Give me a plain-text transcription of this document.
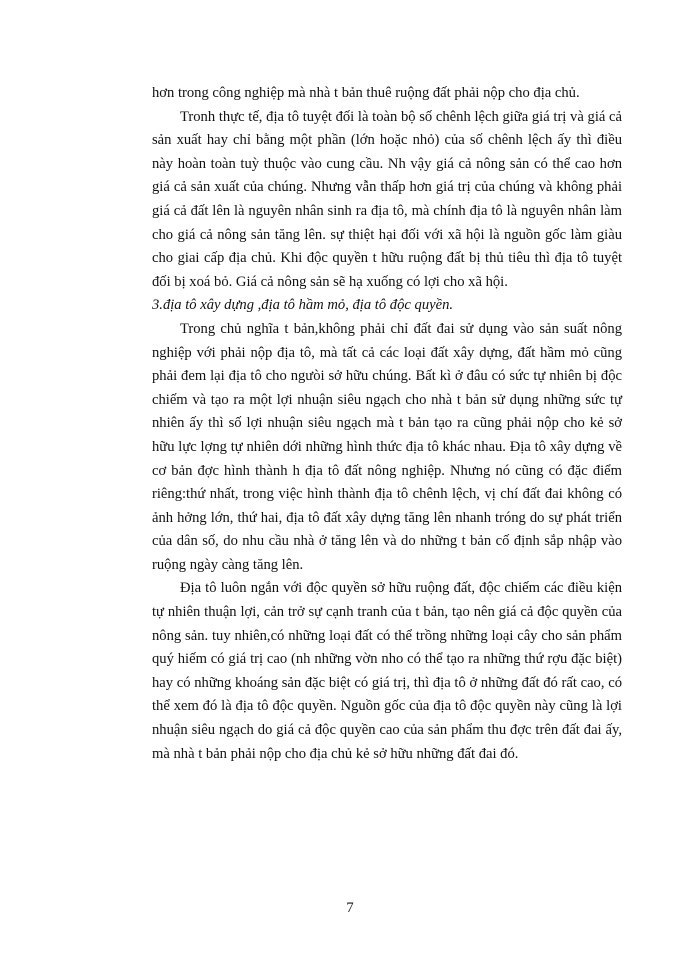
hơn trong công nghiệp mà nhà t bản thuê ruộng đất phải nộp cho địa chủ.

Tronh thực tế, địa tô tuyệt đối là toàn bộ số chênh lệch giữa giá trị và giá cả sản xuất hay chỉ bằng một phần (lớn hoặc nhỏ) của số chênh lệch ấy thì điều này hoàn toàn tuỳ thuộc vào cung cầu. Nh vậy giá cả nông sản có thể cao hơn giá cả sản xuất của chúng. Nhưng vẫn thấp hơn giá trị của chúng và không phải giá cả đất lên là nguyên nhân sinh ra địa tô, mà chính địa tô là nguyên nhân làm cho giá cả nông sản tăng lên. sự thiệt hại đối với xã hội là nguồn gốc làm giàu cho giai cấp địa chủ. Khi độc quyền t hữu ruộng đất bị thủ tiêu thì địa tô tuyệt đối bị xoá bỏ. Giá cả nông sản sẽ hạ xuống có lợi cho xã hội.

3.địa tô xây dựng ,địa tô hầm mỏ, địa tô độc quyền.

Trong chủ nghĩa t bản,không phải chỉ đất đai sử dụng vào sản suất nông nghiệp với phải nộp địa tô, mà tất cả các loại đất xây dựng, đất hầm mỏ cũng phải đem lại địa tô cho ngưòi sở hữu chúng. Bất kì ở đâu có sức tự nhiên bị độc chiếm và tạo ra một lợi nhuận siêu ngạch cho nhà t bản sử dụng những sức tự nhiên ấy thì số lợi nhuận siêu ngạch mà t bản tạo ra cũng phải nộp cho kẻ sở hữu lực lợng tự nhiên dới những hình thức địa tô khác nhau. Địa tô xây dựng về cơ bản đợc hình thành h địa tô đất nông nghiệp. Nhưng nó cũng có đặc điểm riêng:thứ nhất, trong việc hình thành địa tô chênh lệch, vị chí đất đai không có ảnh hởng lớn, thứ hai, địa tô đất xây dựng tăng lên nhanh tróng do sự phát triển của dân số, do nhu cầu nhà ở tăng lên và do những t bản cố định sắp nhập vào ruộng ngày càng tăng lên.

Địa tô luôn ngắn với độc quyền sở hữu ruộng đất, độc chiếm các điều kiện tự nhiên thuận lợi, cản trở sự cạnh tranh của t bản, tạo nên giá cả độc quyền của nông sản. tuy nhiên,có những loại đất có thể trồng những loại cây cho sản phẩm quý hiếm có giá trị cao (nh những vờn nho có thể tạo ra những thứ rợu đặc biệt) hay có những khoáng sản đặc biệt có giá trị, thì địa tô ở những đất đó rất cao, có thể xem đó là địa tô độc quyền. Nguồn gốc của địa tô độc quyền này cũng là lợi nhuận siêu ngạch do giá cả độc quyền cao của sản phẩm thu đợc trên đất đai ấy, mà nhà t bản phải nộp cho địa chủ kẻ sở hữu những đất đai đó.

7
